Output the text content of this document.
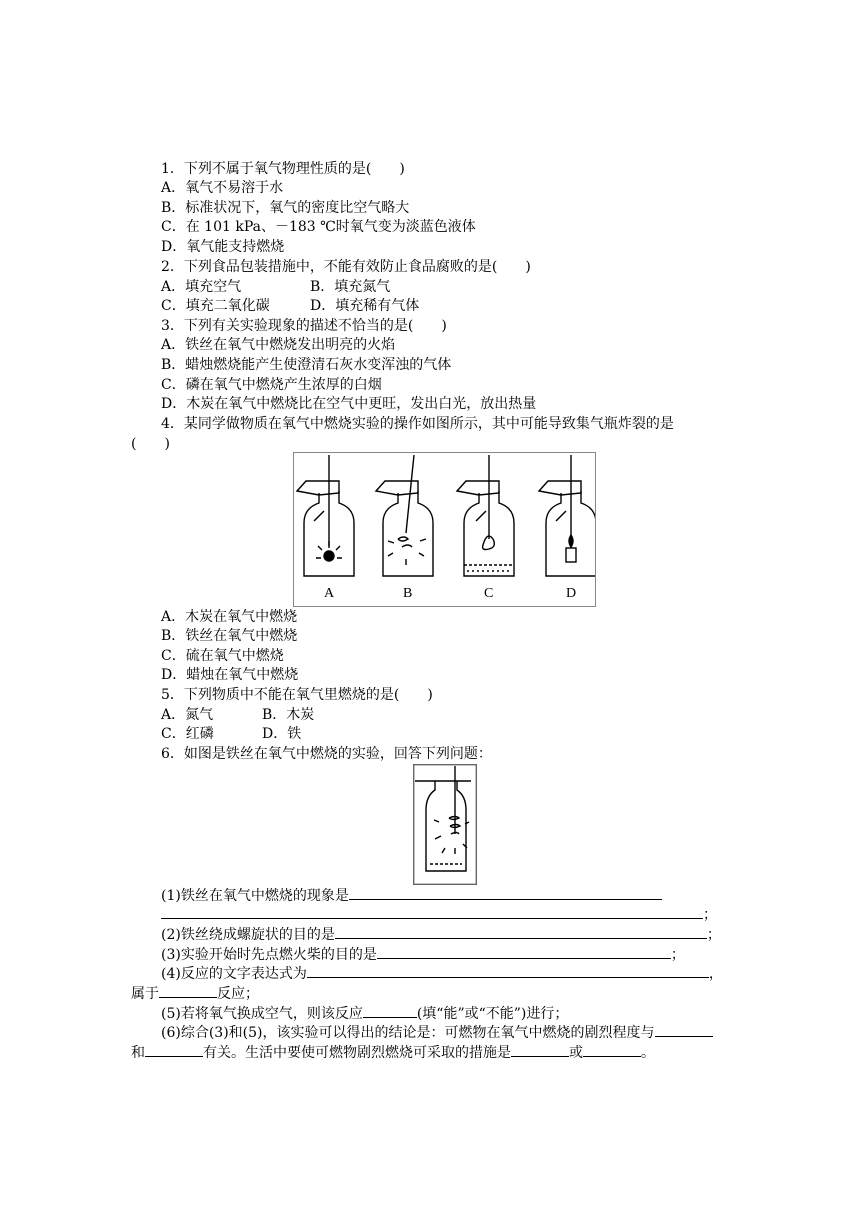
1．下列不属于氧气物理性质的是(　　)
A．氧气不易溶于水
B．标准状况下，氧气的密度比空气略大
C．在 101 kPa、－183 ℃时氧气变为淡蓝色液体
D．氧气能支持燃烧
2．下列食品包装措施中，不能有效防止食品腐败的是(　　)
A．填充空气	B．填充氮气
C．填充二氧化碳	D．填充稀有气体
3．下列有关实验现象的描述不恰当的是(　　)
A．铁丝在氧气中燃烧发出明亮的火焰
B．蜡烛燃烧能产生使澄清石灰水变浑浊的气体
C．磷在氧气中燃烧产生浓厚的白烟
D．木炭在氧气中燃烧比在空气中更旺，发出白光，放出热量
4．某同学做物质在氧气中燃烧实验的操作如图所示，其中可能导致集气瓶炸裂的是
(　　)
A	B	C	D
A．木炭在氧气中燃烧
B．铁丝在氧气中燃烧
C．硫在氧气中燃烧
D．蜡烛在氧气中燃烧
5．下列物质中不能在氧气里燃烧的是(　　)
A．氮气	B．木炭
C．红磷	D．铁
6．如图是铁丝在氧气中燃烧的实验，回答下列问题：
(1)铁丝在氧气中燃烧的现象是
；
(2)铁丝绕成螺旋状的目的是	；
(3)实验开始时先点燃火柴的目的是	；
(4)反应的文字表达式为	，
属于	反应；
(5)若将氧气换成空气，则该反应	(填“能”或“不能”)进行；
(6)综合(3)和(5)，该实验可以得出的结论是：可燃物在氧气中燃烧的剧烈程度与
和	有关。生活中要使可燃物剧烈燃烧可采取的措施是	或	。
